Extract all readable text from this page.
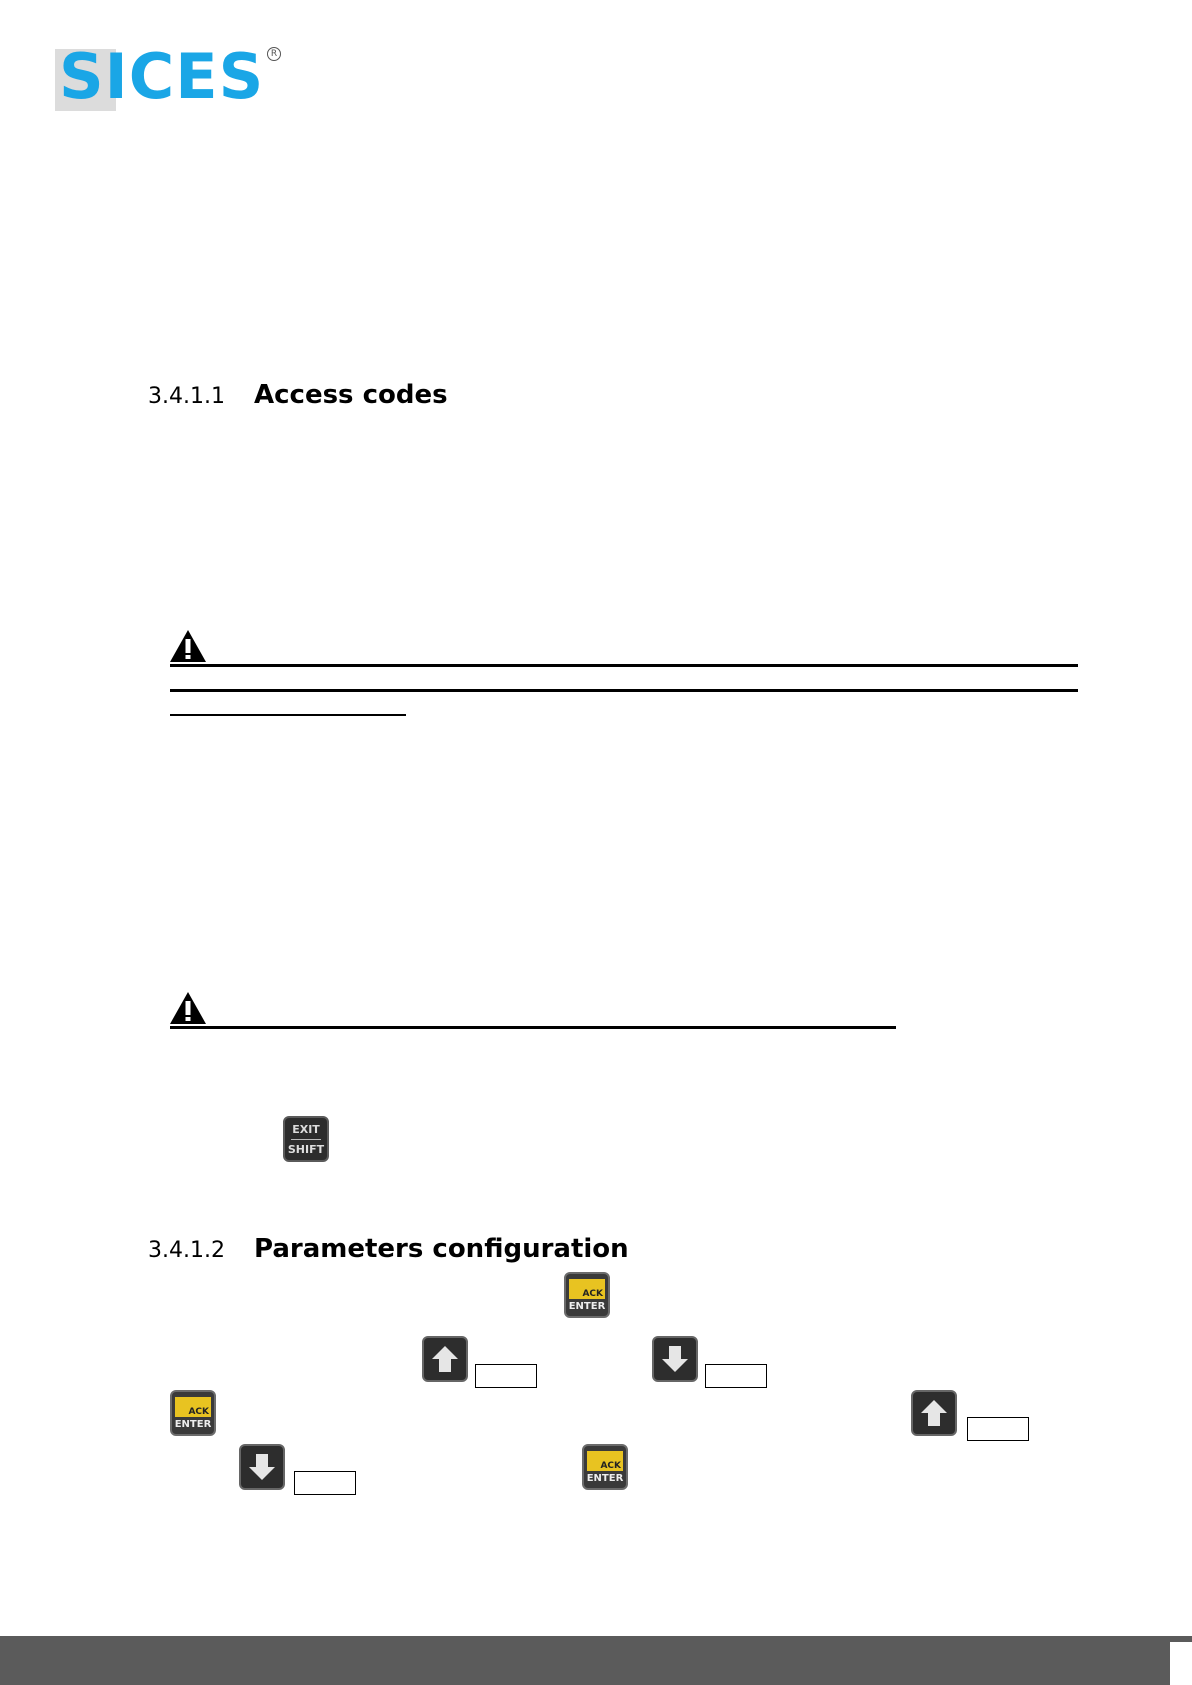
SICES R
3.4.1.1 Access codes
EXIT
SHIFT
3.4.1.2 Parameters configuration
ACK
ENTER
ACK
ENTER
ACK
ENTER
